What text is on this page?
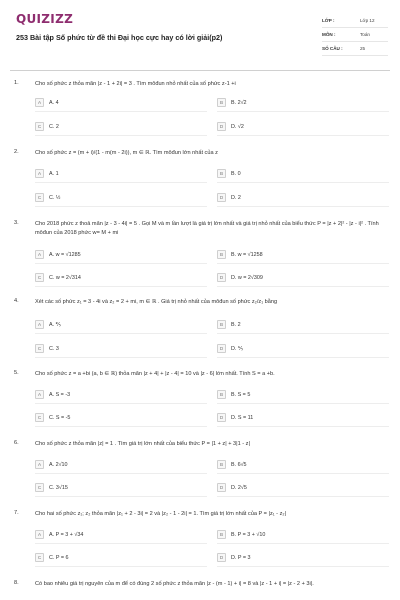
QUIZIZZ
253 Bài tập Số phức từ đề thi Đại học cực hay có lời giải(p2)
LỚP :	Lớp 12
MÔN :	Toán
SỐ CÂU :	25
1.	Cho số phức z thỏa mãn |z - 1 + 2i| = 3 . Tìm môđun nhỏ nhất của số phức z-1 +i
A	A. 4	B	B. 2√2
C	C. 2	D	D. √2
2.	Cho số phức z = (m + i)/(1 - m(m - 2i)), m ∈ ℝ. Tìm môđun lớn nhất của z
A	A. 1	B	B. 0
C	C. ½	D	D. 2
3.	Cho 2018 phức z thoả mãn |z - 3 - 4i| = 5 . Gọi M và m lần lượt là giá trị lớn nhất và giá trị nhỏ nhất của biểu thức P = |z + 2|² - |z - i|² . Tính môđun của 2018 phức w= M + mi
A	A. w = √1285	B	B. w = √1258
C	C. w = 2√314	D	D. w = 2√309
4.	Xét các số phức z₁ = 3 - 4i và z₂ = 2 + mi, m ∈ ℝ . Giá trị nhỏ nhất của môđun số phức z₂/z₁ bằng
A	A. ⅖	B	B. 2
C	C. 3	D	D. ⅕
5.	Cho số phức z = a +bi (a, b ∈ ℝ) thỏa mãn |z + 4| + |z - 4| = 10 và |z - 6| lớn nhất. Tính S = a +b.
A	A. S = -3	B	B. S = 5
C	C. S = -5	D	D. S = 11
6.	Cho số phức z thỏa mãn |z| = 1 . Tìm giá trị lớn nhất của biểu thức P = |1 + z| + 3|1 - z|
A	A. 2√10	B	B. 6√5
C	C. 3√15	D	D. 2√5
7.	Cho hai số phức z₁; z₂ thỏa mãn |z₁ + 2 - 3i| = 2 và |z₂ - 1 - 2i| = 1. Tìm giá trị lớn nhất của P = |z₁ - z₂|
A	A. P = 3 + √34	B	B. P = 3 + √10
C	C. P = 6	D	D. P = 3
8.	Có bao nhiêu giá trị nguyên của m để có đúng 2 số phức z thỏa mãn |z - (m - 1) + i| = 8 và |z - 1 + i| = |z - 2 + 3i|.
